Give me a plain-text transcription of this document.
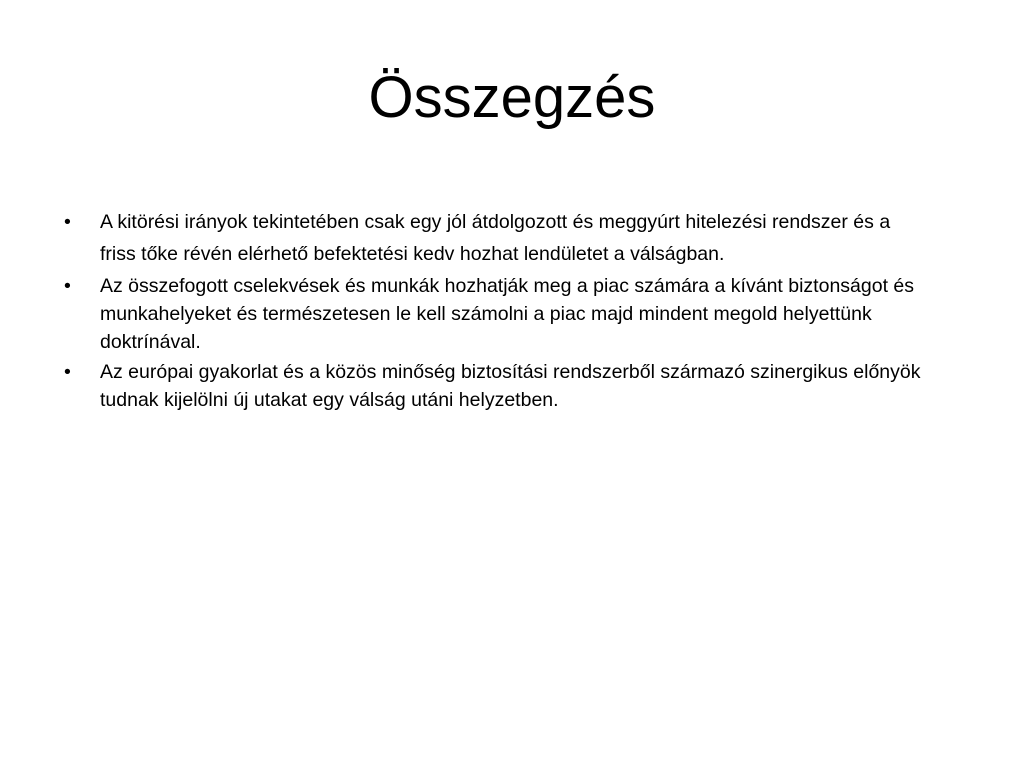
Összegzés
•	A kitörési irányok tekintetében csak egy jól átdolgozott és meggyúrt hitelezési rendszer és a friss tőke révén elérhető befektetési kedv hozhat lendületet a válságban.
•	Az összefogott cselekvések és munkák hozhatják meg a piac számára a kívánt biztonságot és munkahelyeket és természetesen le kell számolni a piac majd mindent megold helyettünk doktrínával.
•	Az európai gyakorlat és a közös minőség biztosítási rendszerből származó szinergikus előnyök tudnak kijelölni új utakat egy válság utáni helyzetben.
